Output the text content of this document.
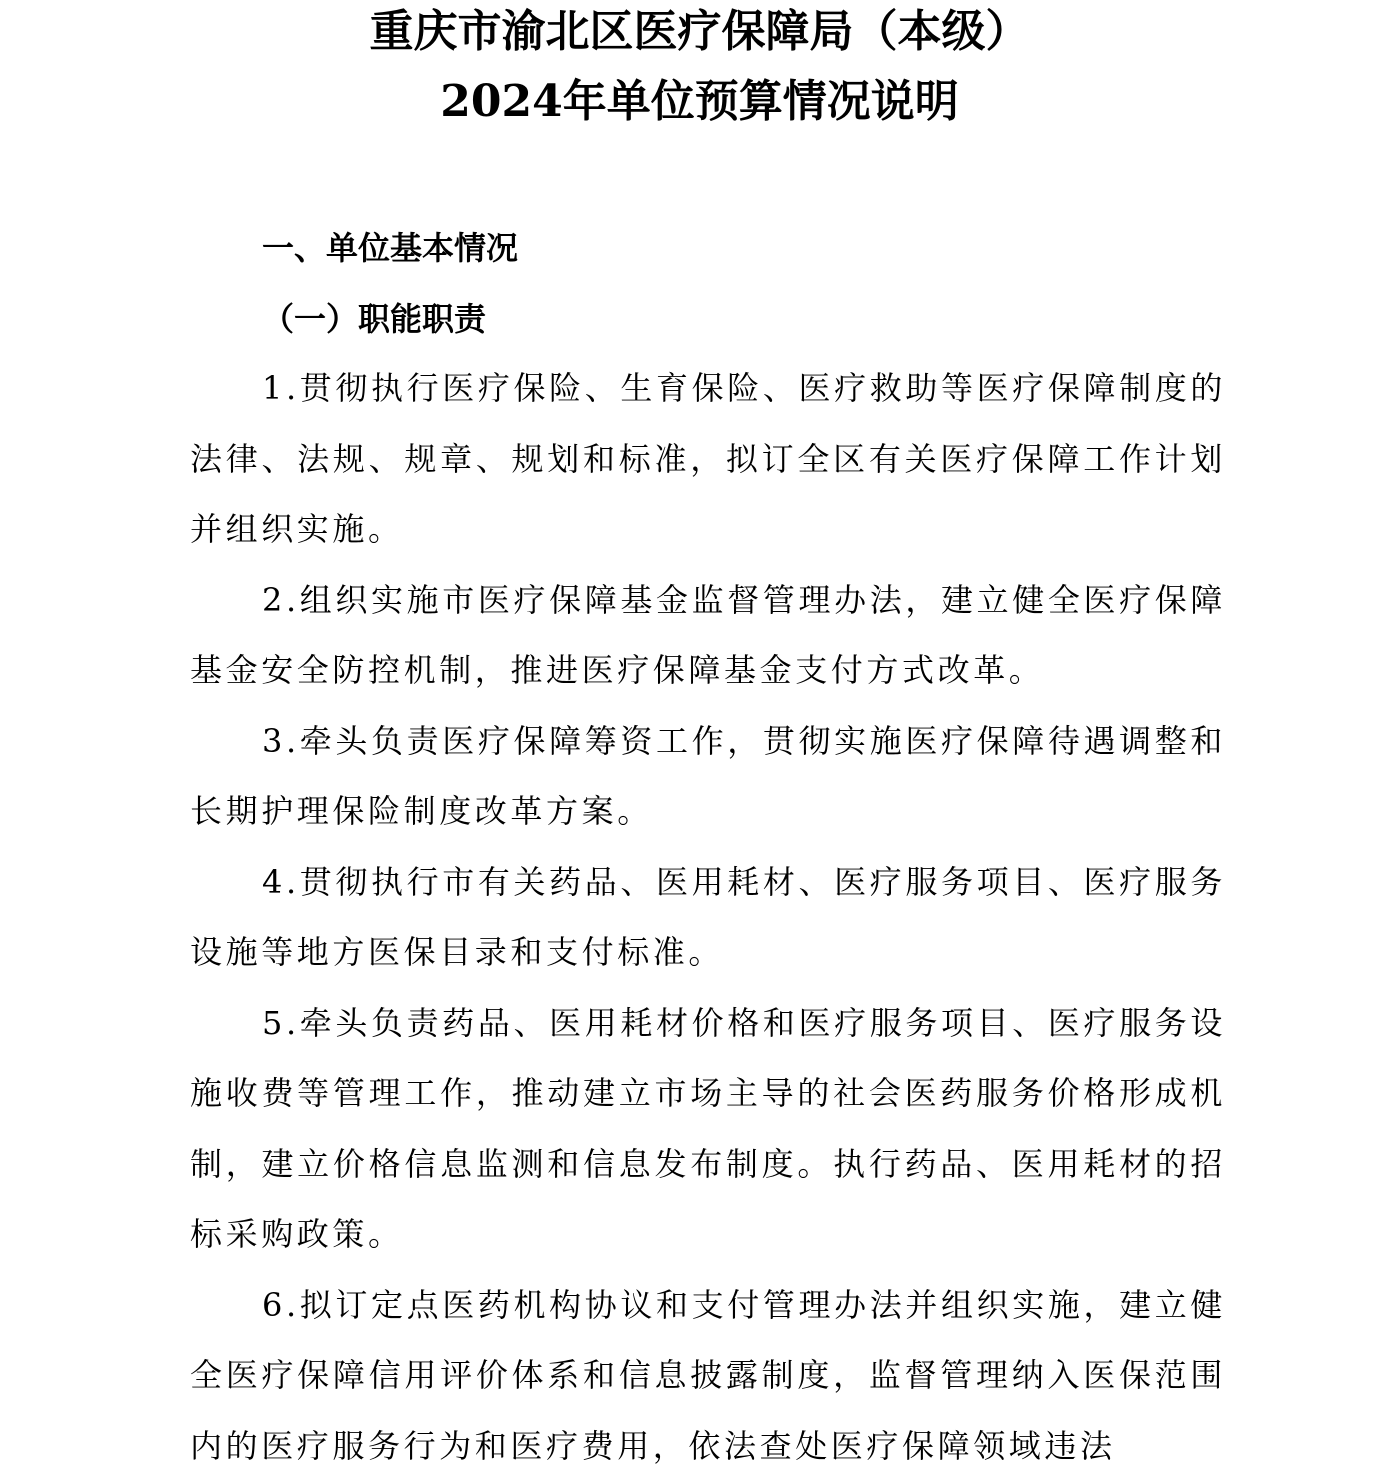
重庆市渝北区医疗保障局（本级）
2024年单位预算情况说明
一、单位基本情况
（一）职能职责

1.贯彻执行医疗保险、生育保险、医疗救助等医疗保障制度的法律、法规、规章、规划和标准，拟订全区有关医疗保障工作计划并组织实施。

2.组织实施市医疗保障基金监督管理办法，建立健全医疗保障基金安全防控机制，推进医疗保障基金支付方式改革。

3.牵头负责医疗保障筹资工作，贯彻实施医疗保障待遇调整和长期护理保险制度改革方案。

4.贯彻执行市有关药品、医用耗材、医疗服务项目、医疗服务设施等地方医保目录和支付标准。

5.牵头负责药品、医用耗材价格和医疗服务项目、医疗服务设施收费等管理工作，推动建立市场主导的社会医药服务价格形成机制，建立价格信息监测和信息发布制度。执行药品、医用耗材的招标采购政策。

6.拟订定点医药机构协议和支付管理办法并组织实施，建立健全医疗保障信用评价体系和信息披露制度，监督管理纳入医保范围内的医疗服务行为和医疗费用，依法查处医疗保障领域违法
